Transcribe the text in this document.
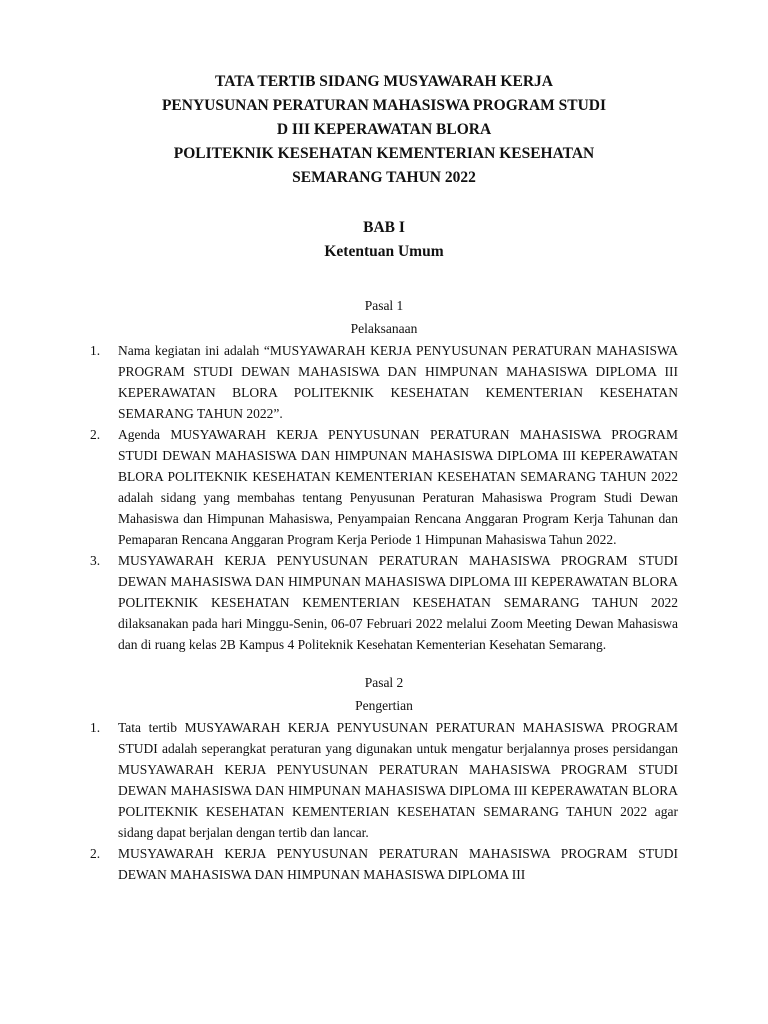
TATA TERTIB SIDANG MUSYAWARAH KERJA
PENYUSUNAN PERATURAN MAHASISWA PROGRAM STUDI
D III KEPERAWATAN BLORA
POLITEKNIK KESEHATAN KEMENTERIAN KESEHATAN
SEMARANG TAHUN 2022
BAB I
Ketentuan Umum
Pasal 1
Pelaksanaan
1. Nama kegiatan ini adalah “MUSYAWARAH KERJA PENYUSUNAN PERATURAN MAHASISWA PROGRAM STUDI DEWAN MAHASISWA DAN HIMPUNAN MAHASISWA DIPLOMA III KEPERAWATAN BLORA POLITEKNIK KESEHATAN KEMENTERIAN KESEHATAN SEMARANG TAHUN 2022”.
2. Agenda MUSYAWARAH KERJA PENYUSUNAN PERATURAN MAHASISWA PROGRAM STUDI DEWAN MAHASISWA DAN HIMPUNAN MAHASISWA DIPLOMA III KEPERAWATAN BLORA POLITEKNIK KESEHATAN KEMENTERIAN KESEHATAN SEMARANG TAHUN 2022 adalah sidang yang membahas tentang Penyusunan Peraturan Mahasiswa Program Studi Dewan Mahasiswa dan Himpunan Mahasiswa, Penyampaian Rencana Anggaran Program Kerja Tahunan dan Pemaparan Rencana Anggaran Program Kerja Periode 1 Himpunan Mahasiswa Tahun 2022.
3. MUSYAWARAH KERJA PENYUSUNAN PERATURAN MAHASISWA PROGRAM STUDI DEWAN MAHASISWA DAN HIMPUNAN MAHASISWA DIPLOMA III KEPERAWATAN BLORA POLITEKNIK KESEHATAN KEMENTERIAN KESEHATAN SEMARANG TAHUN 2022 dilaksanakan pada hari Minggu-Senin, 06-07 Februari 2022 melalui Zoom Meeting Dewan Mahasiswa dan di ruang kelas 2B Kampus 4 Politeknik Kesehatan Kementerian Kesehatan Semarang.
Pasal 2
Pengertian
1. Tata tertib MUSYAWARAH KERJA PENYUSUNAN PERATURAN MAHASISWA PROGRAM STUDI adalah seperangkat peraturan yang digunakan untuk mengatur berjalannya proses persidangan MUSYAWARAH KERJA PENYUSUNAN PERATURAN MAHASISWA PROGRAM STUDI DEWAN MAHASISWA DAN HIMPUNAN MAHASISWA DIPLOMA III KEPERAWATAN BLORA POLITEKNIK KESEHATAN KEMENTERIAN KESEHATAN SEMARANG TAHUN 2022 agar sidang dapat berjalan dengan tertib dan lancar.
2. MUSYAWARAH KERJA PENYUSUNAN PERATURAN MAHASISWA PROGRAM STUDI DEWAN MAHASISWA DAN HIMPUNAN MAHASISWA DIPLOMA III
